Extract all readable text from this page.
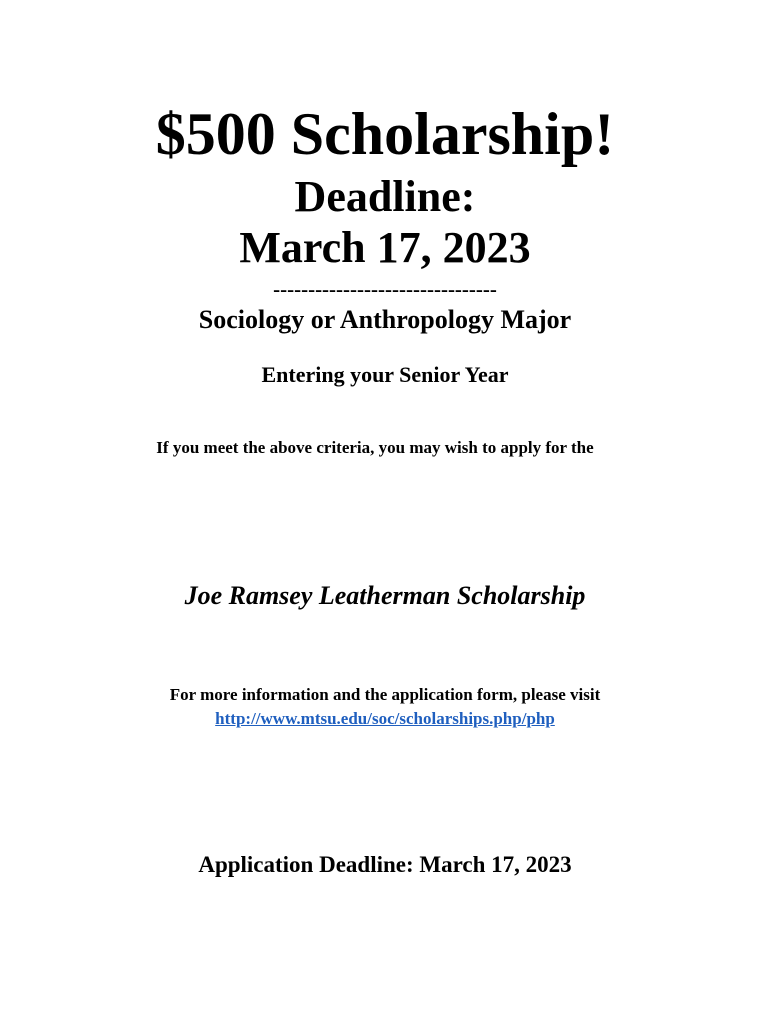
$500 Scholarship!
Deadline:
March 17, 2023
--------------------------------
Sociology or Anthropology Major
Entering your Senior Year
If you meet the above criteria, you may wish to apply for the
Joe Ramsey Leatherman Scholarship
For more information and the application form, please visit
http://www.mtsu.edu/soc/scholarships.php/php
Application Deadline: March 17, 2023
